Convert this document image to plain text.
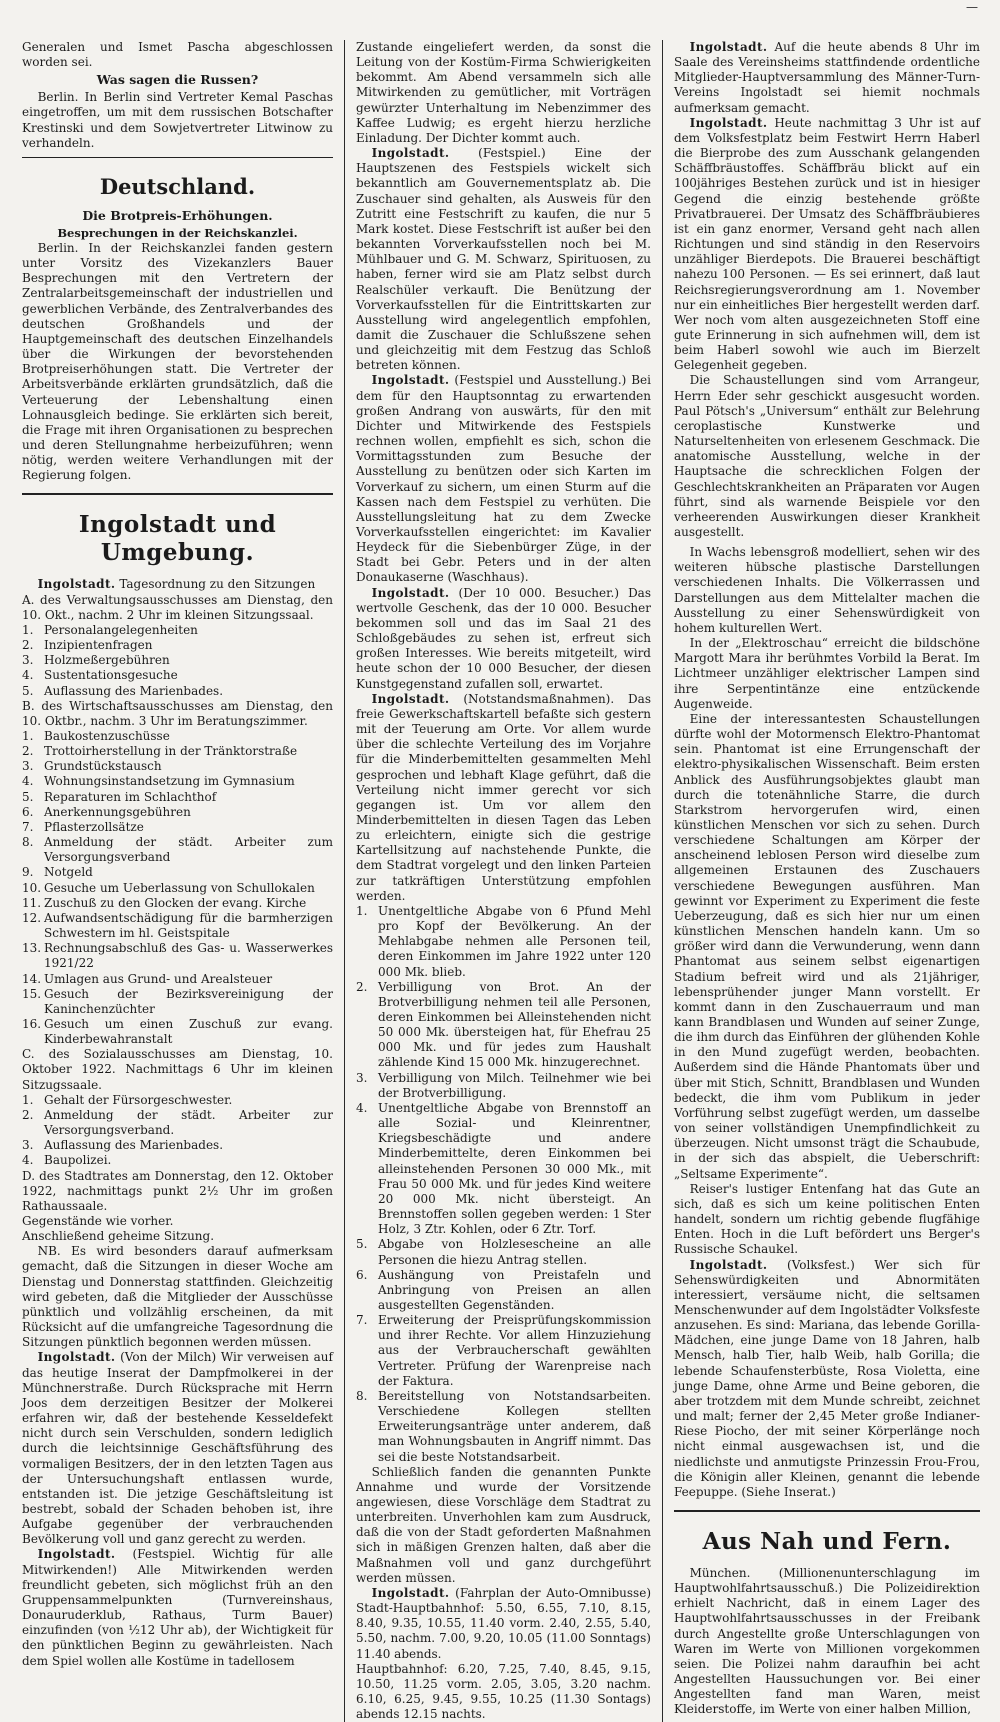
—

Generalen und Ismet Pascha abgeschlossen worden sei.

Was sagen die Russen?

Berlin. In Berlin sind Vertreter Kemal Paschas eingetroffen, um mit dem russischen Botschafter Krestinski und dem Sowjetvertreter Litwinow zu verhandeln.

Deutschland.
Die Brotpreis-Erhöhungen.
Besprechungen in der Reichskanzlei.

Berlin. In der Reichskanzlei fanden gestern unter Vorsitz des Vizekanzlers Bauer Besprechungen mit den Vertretern der Zentralarbeitsgemeinschaft der industriellen und gewerblichen Verbände, des Zentralverbandes des deutschen Großhandels und der Hauptgemeinschaft des deutschen Einzelhandels über die Wirkungen der bevorstehenden Brotpreiserhöhungen statt. Die Vertreter der Arbeitsverbände erklärten grundsätzlich, daß die Verteuerung der Lebenshaltung einen Lohnausgleich bedinge. Sie erklärten sich bereit, die Frage mit ihren Organisationen zu besprechen und deren Stellungnahme herbeizuführen; wenn nötig, werden weitere Verhandlungen mit der Regierung folgen.

Ingolstadt und Umgebung.

Ingolstadt. Tagesordnung zu den Sitzungen

A. des Verwaltungsausschusses am Dienstag, den 10. Okt., nachm. 2 Uhr im kleinen Sitzungssaal.

1. Personalangelegenheiten
2. Inzipientenfragen
3. Holzmeßergebühren
4. Sustentationsgesuche
5. Auflassung des Marienbades.

B. des Wirtschaftsausschusses am Dienstag, den 10. Oktbr., nachm. 3 Uhr im Beratungszimmer.

1. Baukostenzuschüsse
2. Trottoirherstellung in der Tränktorstraße
3. Grundstückstausch
4. Wohnungsinstandsetzung im Gymnasium
5. Reparaturen im Schlachthof
6. Anerkennungsgebühren
7. Pflasterzollsätze
8. Anmeldung der städt. Arbeiter zum Versorgungsverband
9. Notgeld
10. Gesuche um Ueberlassung von Schullokalen
11. Zuschuß zu den Glocken der evang. Kirche
12. Aufwandsentschädigung für die barmherzigen Schwestern im hl. Geistspitale
13. Rechnungsabschluß des Gas- u. Wasserwerkes 1921/22
14. Umlagen aus Grund- und Arealsteuer
15. Gesuch der Bezirksvereinigung der Kaninchenzüchter
16. Gesuch um einen Zuschuß zur evang. Kinderbewahranstalt

C. des Sozialausschusses am Dienstag, 10. Oktober 1922. Nachmittags 6 Uhr im kleinen Sitzugssaale.

1. Gehalt der Fürsorgeschwester.
2. Anmeldung der städt. Arbeiter zur Versorgungsverband.
3. Auflassung des Marienbades.
4. Baupolizei.

D. des Stadtrates am Donnerstag, den 12. Oktober 1922, nachmittags punkt 2½ Uhr im großen Rathaussaale.

Gegenstände wie vorher.

Anschließend geheime Sitzung.

NB. Es wird besonders darauf aufmerksam gemacht, daß die Sitzungen in dieser Woche am Dienstag und Donnerstag stattfinden. Gleichzeitig wird gebeten, daß die Mitglieder der Ausschüsse pünktlich und vollzählig erscheinen, da mit Rücksicht auf die umfangreiche Tagesordnung die Sitzungen pünktlich begonnen werden müssen.

Ingolstadt. (Von der Milch) Wir verweisen auf das heutige Inserat der Dampfmolkerei in der Münchnerstraße. Durch Rücksprache mit Herrn Joos dem derzeitigen Besitzer der Molkerei erfahren wir, daß der bestehende Kesseldefekt nicht durch sein Verschulden, sondern lediglich durch die leichtsinnige Geschäftsführung des vormaligen Besitzers, der in den letzten Tagen aus der Untersuchungshaft entlassen wurde, entstanden ist. Die jetzige Geschäftsleitung ist bestrebt, sobald der Schaden behoben ist, ihre Aufgabe gegenüber der verbrauchenden Bevölkerung voll und ganz gerecht zu werden.

Ingolstadt. (Festspiel. Wichtig für alle Mitwirkenden!) Alle Mitwirkenden werden freundlicht gebeten, sich möglichst früh an den Gruppensammelpunkten (Turnvereinshaus, Donauruderklub, Rathaus, Turm Bauer) einzufinden (von ½12 Uhr ab), der Wichtigkeit für den pünktlichen Beginn zu gewährleisten. Nach dem Spiel wollen alle Kostüme in tadellosem

Zustande eingeliefert werden, da sonst die Leitung von der Kostüm-Firma Schwierigkeiten bekommt. Am Abend versammeln sich alle Mitwirkenden zu gemütlicher, mit Vorträgen gewürzter Unterhaltung im Nebenzimmer des Kaffee Ludwig; es ergeht hierzu herzliche Einladung. Der Dichter kommt auch.

Ingolstadt. (Festspiel.) Eine der Hauptszenen des Festspiels wickelt sich bekanntlich am Gouvernementsplatz ab. Die Zuschauer sind gehalten, als Ausweis für den Zutritt eine Festschrift zu kaufen, die nur 5 Mark kostet. Diese Festschrift ist außer bei den bekannten Vorverkaufsstellen noch bei M. Mühlbauer und G. M. Schwarz, Spirituosen, zu haben, ferner wird sie am Platz selbst durch Realschüler verkauft. Die Benützung der Vorverkaufsstellen für die Eintrittskarten zur Ausstellung wird angelegentlich empfohlen, damit die Zuschauer die Schlußszene sehen und gleichzeitig mit dem Festzug das Schloß betreten können.

Ingolstadt. (Festspiel und Ausstellung.) Bei dem für den Hauptsonntag zu erwartenden großen Andrang von auswärts, für den mit Dichter und Mitwirkende des Festspiels rechnen wollen, empfiehlt es sich, schon die Vormittagsstunden zum Besuche der Ausstellung zu benützen oder sich Karten im Vorverkauf zu sichern, um einen Sturm auf die Kassen nach dem Festspiel zu verhüten. Die Ausstellungsleitung hat zu dem Zwecke Vorverkaufsstellen eingerichtet: im Kavalier Heydeck für die Siebenbürger Züge, in der Stadt bei Gebr. Peters und in der alten Donaukaserne (Waschhaus).

Ingolstadt. (Der 10 000. Besucher.) Das wertvolle Geschenk, das der 10 000. Besucher bekommen soll und das im Saal 21 des Schloßgebäudes zu sehen ist, erfreut sich großen Interesses. Wie bereits mitgeteilt, wird heute schon der 10 000 Besucher, der diesen Kunstgegenstand zufallen soll, erwartet.

Ingolstadt. (Notstandsmaßnahmen). Das freie Gewerkschaftskartell befaßte sich gestern mit der Teuerung am Orte. Vor allem wurde über die schlechte Verteilung des im Vorjahre für die Minderbemittelten gesammelten Mehl gesprochen und lebhaft Klage geführt, daß die Verteilung nicht immer gerecht vor sich gegangen ist. Um vor allem den Minderbemittelten in diesen Tagen das Leben zu erleichtern, einigte sich die gestrige Kartellsitzung auf nachstehende Punkte, die dem Stadtrat vorgelegt und den linken Parteien zur tatkräftigen Unterstützung empfohlen werden.

1. Unentgeltliche Abgabe von 6 Pfund Mehl pro Kopf der Bevölkerung. An der Mehlabgabe nehmen alle Personen teil, deren Einkommen im Jahre 1922 unter 120 000 Mk. blieb.
2. Verbilligung von Brot. An der Brotverbilligung nehmen teil alle Personen, deren Einkommen bei Alleinstehenden nicht 50 000 Mk. übersteigen hat, für Ehefrau 25 000 Mk. und für jedes zum Haushalt zählende Kind 15 000 Mk. hinzugerechnet.
3. Verbilligung von Milch. Teilnehmer wie bei der Brotverbilligung.
4. Unentgeltliche Abgabe von Brennstoff an alle Sozial- und Kleinrentner, Kriegsbeschädigte und andere Minderbemittelte, deren Einkommen bei alleinstehenden Personen 30 000 Mk., mit Frau 50 000 Mk. und für jedes Kind weitere 20 000 Mk. nicht übersteigt. An Brennstoffen sollen gegeben werden: 1 Ster Holz, 3 Ztr. Kohlen, oder 6 Ztr. Torf.
5. Abgabe von Holzlesescheine an alle Personen die hiezu Antrag stellen.
6. Aushängung von Preistafeln und Anbringung von Preisen an allen ausgestellten Gegenständen.
7. Erweiterung der Preisprüfungskommission und ihrer Rechte. Vor allem Hinzuziehung aus der Verbraucherschaft gewählten Vertreter. Prüfung der Warenpreise nach der Faktura.
8. Bereitstellung von Notstandsarbeiten. Verschiedene Kollegen stellten Erweiterungsanträge unter anderem, daß man Wohnungsbauten in Angriff nimmt. Das sei die beste Notstandsarbeit.

Schließlich fanden die genannten Punkte Annahme und wurde der Vorsitzende angewiesen, diese Vorschläge dem Stadtrat zu unterbreiten. Unverhohlen kam zum Ausdruck, daß die von der Stadt geforderten Maßnahmen sich in mäßigen Grenzen halten, daß aber die Maßnahmen voll und ganz durchgeführt werden müssen.

Ingolstadt. (Fahrplan der Auto-Omnibusse) Stadt-Hauptbahnhof: 5.50, 6.55, 7.10, 8.15, 8.40, 9.35, 10.55, 11.40 vorm. 2.40, 2.55, 5.40, 5.50, nachm. 7.00, 9.20, 10.05 (11.00 Sonntags) 11.40 abends.

Hauptbahnhof: 6.20, 7.25, 7.40, 8.45, 9.15, 10.50, 11.25 vorm. 2.05, 3.05, 3.20 nachm. 6.10, 6.25, 9.45, 9.55, 10.25 (11.30 Sontags) abends 12.15 nachts.

Ingolstadt. Auf die heute abends 8 Uhr im Saale des Vereinsheims stattfindende ordentliche Mitglieder-Hauptversammlung des Männer-Turn-Vereins Ingolstadt sei hiemit nochmals aufmerksam gemacht.

Ingolstadt. Heute nachmittag 3 Uhr ist auf dem Volksfestplatz beim Festwirt Herrn Haberl die Bierprobe des zum Ausschank gelangenden Schäffbräustoffes. Schäffbräu blickt auf ein 100jähriges Bestehen zurück und ist in hiesiger Gegend die einzig bestehende größte Privatbrauerei. Der Umsatz des Schäffbräubieres ist ein ganz enormer, Versand geht nach allen Richtungen und sind ständig in den Reservoirs unzähliger Bierdepots. Die Brauerei beschäftigt nahezu 100 Personen. — Es sei erinnert, daß laut Reichsregierungsverordnung am 1. November nur ein einheitliches Bier hergestellt werden darf. Wer noch vom alten ausgezeichneten Stoff eine gute Erinnerung in sich aufnehmen will, dem ist beim Haberl sowohl wie auch im Bierzelt Gelegenheit gegeben.

Die Schaustellungen sind vom Arrangeur, Herrn Eder sehr geschickt ausgesucht worden. Paul Pötsch's „Universum“ enthält zur Belehrung ceroplastische Kunstwerke und Naturseltenheiten von erlesenem Geschmack. Die anatomische Ausstellung, welche in der Hauptsache die schrecklichen Folgen der Geschlechtskrankheiten an Präparaten vor Augen führt, sind als warnende Beispiele vor den verheerenden Auswirkungen dieser Krankheit ausgestellt.

In Wachs lebensgroß modelliert, sehen wir des weiteren hübsche plastische Darstellungen verschiedenen Inhalts. Die Völkerrassen und Darstellungen aus dem Mittelalter machen die Ausstellung zu einer Sehenswürdigkeit von hohem kulturellen Wert.

In der „Elektroschau“ erreicht die bildschöne Margott Mara ihr berühmtes Vorbild la Berat. Im Lichtmeer unzähliger elektrischer Lampen sind ihre Serpentintänze eine entzückende Augenweide.

Eine der interessantesten Schaustellungen dürfte wohl der Motormensch Elektro-Phantomat sein. Phantomat ist eine Errungenschaft der elektro-physikalischen Wissenschaft. Beim ersten Anblick des Ausführungsobjektes glaubt man durch die totenähnliche Starre, die durch Starkstrom hervorgerufen wird, einen künstlichen Menschen vor sich zu sehen. Durch verschiedene Schaltungen am Körper der anscheinend leblosen Person wird dieselbe zum allgemeinen Erstaunen des Zuschauers verschiedene Bewegungen ausführen. Man gewinnt vor Experiment zu Experiment die feste Ueberzeugung, daß es sich hier nur um einen künstlichen Menschen handeln kann. Um so größer wird dann die Verwunderung, wenn dann Phantomat aus seinem selbst eigenartigen Stadium befreit wird und als 21jähriger, lebensprühender junger Mann vorstellt. Er kommt dann in den Zuschauerraum und man kann Brandblasen und Wunden auf seiner Zunge, die ihm durch das Einführen der glühenden Kohle in den Mund zugefügt werden, beobachten. Außerdem sind die Hände Phantomats über und über mit Stich, Schnitt, Brandblasen und Wunden bedeckt, die ihm vom Publikum in jeder Vorführung selbst zugefügt werden, um dasselbe von seiner vollständigen Unempfindlichkeit zu überzeugen. Nicht umsonst trägt die Schaubude, in der sich das abspielt, die Ueberschrift: „Seltsame Experimente“.

Reiser's lustiger Entenfang hat das Gute an sich, daß es sich um keine politischen Enten handelt, sondern um richtig gebende flugfähige Enten. Hoch in die Luft befördert uns Berger's Russische Schaukel.

Ingolstadt. (Volksfest.) Wer sich für Sehenswürdigkeiten und Abnormitäten interessiert, versäume nicht, die seltsamen Menschenwunder auf dem Ingolstädter Volksfeste anzusehen. Es sind: Mariana, das lebende Gorilla-Mädchen, eine junge Dame von 18 Jahren, halb Mensch, halb Tier, halb Weib, halb Gorilla; die lebende Schaufensterbüste, Rosa Violetta, eine junge Dame, ohne Arme und Beine geboren, die aber trotzdem mit dem Munde schreibt, zeichnet und malt; ferner der 2,45 Meter große Indianer-Riese Piocho, der mit seiner Körperlänge noch nicht einmal ausgewachsen ist, und die niedlichste und anmutigste Prinzessin Frou-Frou, die Königin aller Kleinen, genannt die lebende Feepuppe. (Siehe Inserat.)

Aus Nah und Fern.

München. (Millionenunterschlagung im Hauptwohlfahrtsausschuß.) Die Polizeidirektion erhielt Nachricht, daß in einem Lager des Hauptwohlfahrtsausschusses in der Freibank durch Angestellte große Unterschlagungen von Waren im Werte von Millionen vorgekommen seien. Die Polizei nahm daraufhin bei acht Angestellten Haussuchungen vor. Bei einer Angestellten fand man Waren, meist Kleiderstoffe, im Werte von einer halben Million,
